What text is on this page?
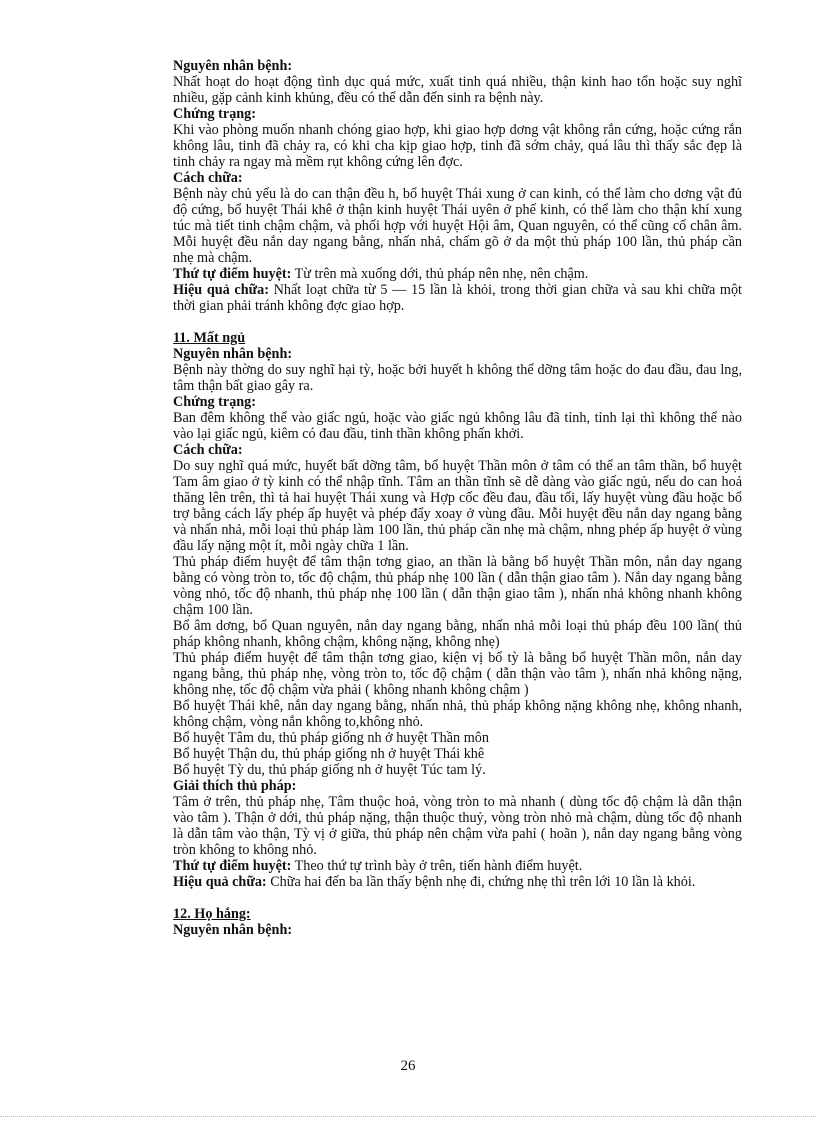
Nguyên nhân bệnh:

Nhất hoạt do hoạt động tình dục quá mức, xuất tinh quá nhiều, thận kinh hao tổn hoặc suy nghĩ nhiều, gặp cảnh kinh khủng, đều có thể dẫn đến sinh ra bệnh này.

Chứng trạng:

Khi vào phòng muốn nhanh chóng giao hợp, khi giao hợp dơng vật không rắn cứng, hoặc cứng rắn không lâu, tinh đã chảy ra, có khi cha kịp giao hợp, tinh đã sớm chảy, quá lâu thì thấy sắc đẹp là tinh chảy ra ngay mà mềm rụt không cứng lên đợc.

Cách chữa:

Bệnh này chủ yếu là do can thận đều h, bổ huyệt Thái xung ở can kinh, có thể làm cho dơng vật đủ độ cứng, bổ huyệt Thái khê ở thận kinh huyệt Thái uyên ở phế kinh, có thể làm cho thận khí xung túc mà tiết tinh chậm chậm, và phối hợp với huyệt Hội âm, Quan nguyên, có thể cũng cố chân âm. Mỗi huyệt đều nắn day ngang bằng, nhấn nhả, chấm gõ ở da một thủ pháp 100 lần, thủ pháp cần nhẹ mà chậm.

Thứ tự điểm huyệt: Từ trên mà xuống dới, thủ pháp nên nhẹ, nên chậm.

Hiệu quả chữa: Nhất loạt chữa từ 5 — 15 lần là khỏi, trong thời gian chữa và sau khi chữa một thời gian phải tránh không đợc giao hợp.

11. Mất ngủ
Nguyên nhân bệnh:

Bệnh này thờng do suy nghĩ hại tỳ, hoặc bởi huyết h không thể dỡng tâm hoặc do đau đầu, đau lng, tâm thận bất giao gây ra.

Chứng trạng:

Ban đêm không thể vào giấc ngủ, hoặc vào giấc ngủ không lâu đã tỉnh, tỉnh lại thì không thể nào vào lại giấc ngủ, kiêm có đau đầu, tinh thần không phấn khởi.

Cách chữa:

Do suy nghĩ quá mức, huyết bất dỡng tâm, bổ huyệt Thần môn ở tâm có thể an tâm thần, bổ huyệt Tam âm giao ở tỳ kinh có thể nhập tĩnh. Tâm an thần tĩnh sẽ dễ dàng vào giấc ngủ, nếu do can hoả thăng lên trên, thì tả hai huyệt Thái xung và Hợp cốc đều đau, đầu tối, lấy huyệt vùng đầu hoặc bổ trợ bằng cách lấy phép ấp huyệt và phép đẩy xoay ở vùng đầu. Mỗi huyệt đều nắn day ngang bằng và nhấn nhả, mỗi loại thủ pháp làm 100 lần, thủ pháp cần nhẹ mà chậm, nhng phép ấp huyệt ở vùng đầu lấy nặng một ít, mỗi ngày chữa 1 lần.

Thủ pháp điểm huyệt để tâm thận tơng giao, an thần là bằng bổ huyệt Thần môn, nắn day ngang bằng có vòng tròn to, tốc độ chậm, thủ pháp nhẹ 100 lần ( dẫn thận giao tâm ). Nắn day ngang bằng vòng nhỏ, tốc độ nhanh, thủ pháp nhẹ 100 lần ( dẫn thận giao tâm ), nhấn nhả không nhanh không chậm 100 lần.

Bổ âm dơng, bổ Quan nguyên, nắn day ngang bằng, nhấn nhả mỗi loại thủ pháp đều 100 lần( thủ pháp không nhanh, không chậm, không nặng, không nhẹ)

Thủ pháp điểm huyệt để tâm thận tơng giao, kiện vị bổ tỳ là bằng bổ huyệt Thần môn, nắn day ngang bằng, thủ pháp nhẹ, vòng tròn to, tốc độ chậm ( dẫn thận vào tâm ), nhấn nhả không nặng, không nhẹ, tốc độ chậm vừa phải ( không nhanh không chậm )

Bổ huyệt Thái khê, nắn day ngang bằng, nhấn nhả, thủ pháp không nặng không nhẹ, không nhanh, không chậm, vòng nắn không to,không nhỏ.

Bổ huyệt Tâm du, thủ pháp giống nh ở huyệt Thần môn

Bổ huyệt Thận du, thủ pháp giống nh ở huyệt Thái khê

Bổ huyệt Tỳ du, thủ pháp giống nh ở huyệt Túc tam lý.

Giải thích thủ pháp:

Tâm ở trên, thủ pháp nhẹ, Tâm thuộc hoả, vòng tròn to mà nhanh ( dùng tốc độ chậm là dẫn thận vào tâm ). Thận ở dới, thủ pháp nặng, thận thuộc thuỷ, vòng tròn nhỏ mà chậm, dùng tốc độ nhanh là dẫn tâm vào thận, Tỳ vị ở giữa, thủ pháp nên chậm vừa pahỉ ( hoãn ), nắn day ngang bằng vòng tròn không to không nhỏ.

Thứ tự điểm huyệt: Theo thứ tự trình bày ở trên, tiến hành điểm huyệt.

Hiệu quả chữa: Chữa hai đến ba lần thấy bệnh nhẹ đi, chứng nhẹ thì trên lới 10 lần là khỏi.

12. Họ hắng:
Nguyên nhân bệnh:
26
